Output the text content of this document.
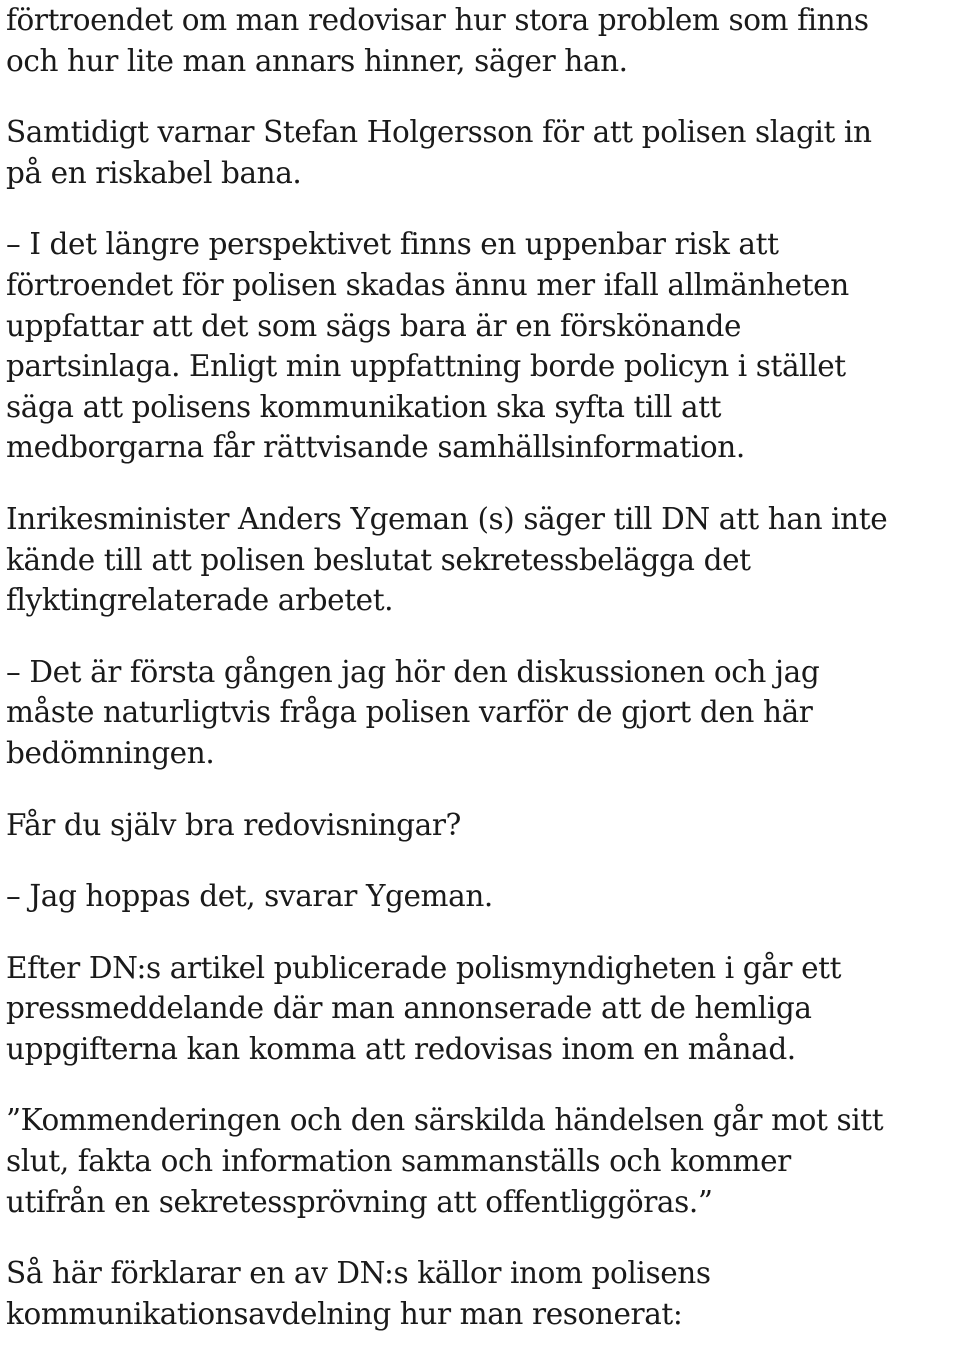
förtroendet om man redovisar hur stora problem som finns
och hur lite man annars hinner, säger han.

Samtidigt varnar Stefan Holgersson för att polisen slagit in
på en riskabel bana.

– I det längre perspektivet finns en uppenbar risk att
förtroendet för polisen skadas ännu mer ifall allmänheten
uppfattar att det som sägs bara är en förskönande
partsinlaga. Enligt min uppfattning borde policyn i stället
säga att polisens kommunikation ska syfta till att
medborgarna får rättvisande samhällsinformation.

Inrikesminister Anders Ygeman (s) säger till DN att han inte
kände till att polisen beslutat sekretessbelägga det
flyktingrelaterade arbetet.

– Det är första gången jag hör den diskussionen och jag
måste naturligtvis fråga polisen varför de gjort den här
bedömningen.

Får du själv bra redovisningar?

– Jag hoppas det, svarar Ygeman.

Efter DN:s artikel publicerade polismyndigheten i går ett
pressmeddelande där man annonserade att de hemliga
uppgifterna kan komma att redovisas inom en månad.

”Kommenderingen och den särskilda händelsen går mot sitt
slut, fakta och information sammanställs och kommer
utifrån en sekretessprövning att offentliggöras.”

Så här förklarar en av DN:s källor inom polisens
kommunikationsavdelning hur man resonerat:
